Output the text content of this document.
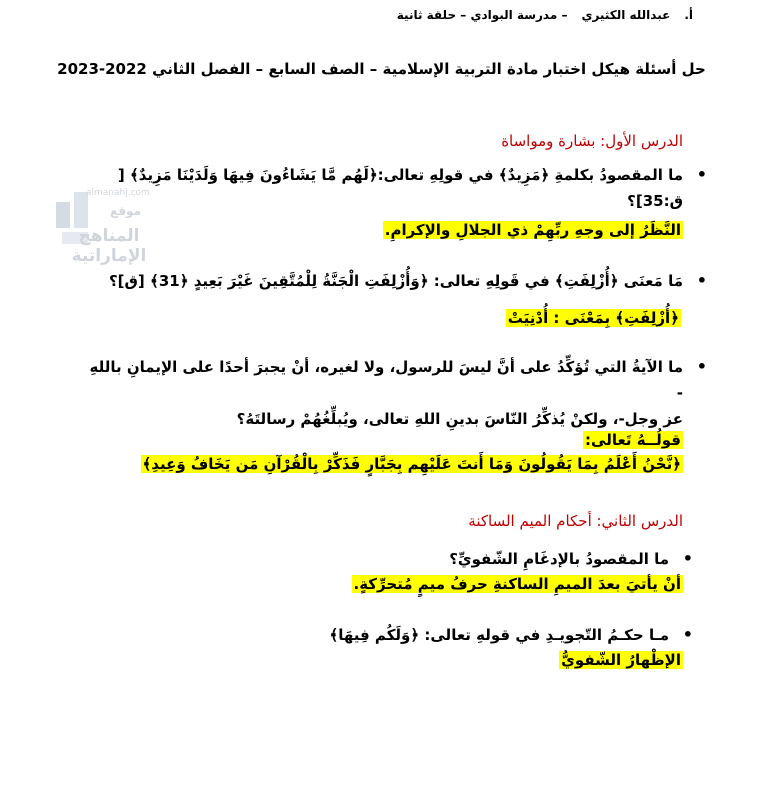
أ.
عبدالله الكثيري
– مدرسة البوادي – حلقة ثانية
حل أسئلة هيكل اختبار مادة التربية الإسلامية – الصف السابع – الفصل الثاني 2022-2023
almanahj.com
موقع
المناهج الإماراتية
الدرس الأول: بشارة ومواساة
•
ما المقصودُ بكلمةِ ﴿مَزِيدٌ﴾ في قولِهِ تعالى:﴿لَهُم مَّا يَشَاءُونَ فِيهَا وَلَدَيْنَا مَزِيدٌ﴾ [
ق:35]؟
النَّظَرُ إلى وجهِ ربِّهِمْ ذي الجلالِ والإكرامِ.
•
مَا مَعنَى ﴿أُزْلِفَتِ﴾ في قَولِهِ تعالى: ﴿وَأُزْلِفَتِ الْجَنَّةُ لِلْمُتَّقِينَ غَيْرَ بَعِيدٍ ﴿31﴾ [ق]؟
﴿أُزْلِفَتِ﴾ بِمَعْنَى : أُدْنِيَتْ
•
ما الآيةُ التي تُؤكِّدُ على أنَّ ليسَ للرسول، ولا لغيره، أنْ يجبرَ أحدًا على الإيمانِ باللهِ -
عز وجل-، ولكنْ يُذكِّرُ النّاسَ بدينِ اللهِ تعالى، ويُبلِّغُهُمْ رسالتَهُ؟
قولُــهُ تَعالى:
﴿نَّحْنُ أَعْلَمُ بِمَا يَقُولُونَ وَمَا أَنتَ عَلَيْهِم بِجَبَّارٍ فَذَكِّرْ بِالْقُرْآنِ مَن يَخَافُ وَعِيدِ﴾
الدرس الثاني: أحكام الميم الساكنة
•
ما المقصودُ بالإدغَامِ الشّفويِّ؟
أنْ يأتيَ بعدَ الميمِ الساكنةِ حرفُ ميمٍ مُتحرِّكةٍ.
•
مـا حكـمُ التّجويـدِ في قولهِ تعالى: ﴿وَلَكُم فِيهَا﴾
الإظْهارُ الشّفويُّ
